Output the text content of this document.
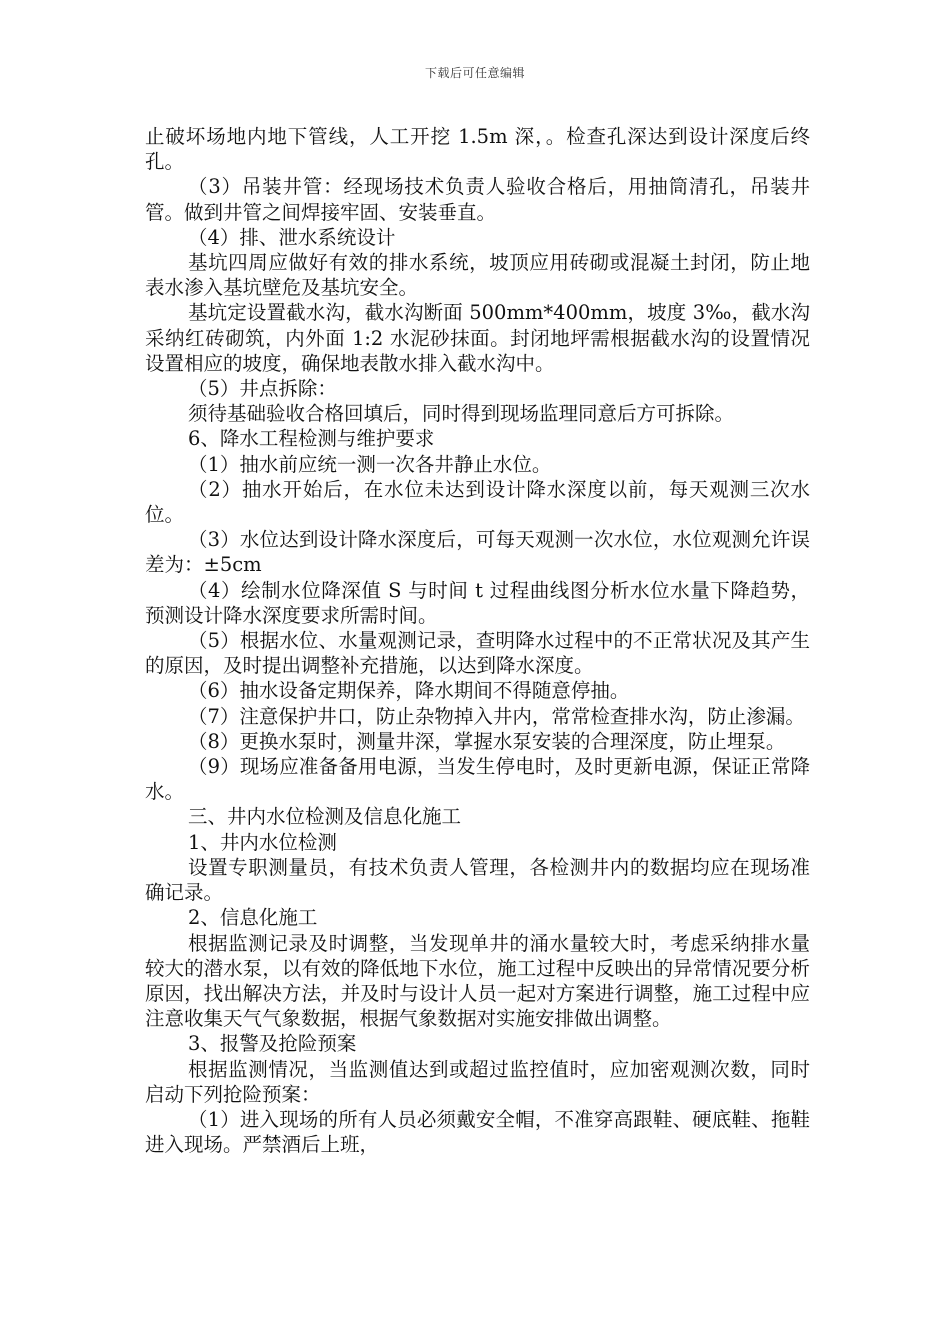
下载后可任意编辑

止破坏场地内地下管线，人工开挖 1.5m 深，。检查孔深达到设计深度后终孔。

（3）吊装井管：经现场技术负责人验收合格后，用抽筒清孔，吊装井管。做到井管之间焊接牢固、安装垂直。

（4）排、泄水系统设计

基坑四周应做好有效的排水系统，坡顶应用砖砌或混凝土封闭，防止地表水渗入基坑壁危及基坑安全。

基坑定设置截水沟，截水沟断面 500mm*400mm，坡度 3‰，截水沟采纳红砖砌筑，内外面 1:2 水泥砂抹面。封闭地坪需根据截水沟的设置情况设置相应的坡度，确保地表散水排入截水沟中。

（5）井点拆除：

须待基础验收合格回填后，同时得到现场监理同意后方可拆除。

6、降水工程检测与维护要求

（1）抽水前应统一测一次各井静止水位。

（2）抽水开始后，在水位未达到设计降水深度以前，每天观测三次水位。

（3）水位达到设计降水深度后，可每天观测一次水位，水位观测允许误差为：±5cm

（4）绘制水位降深值 S 与时间 t 过程曲线图分析水位水量下降趋势，预测设计降水深度要求所需时间。

（5）根据水位、水量观测记录，查明降水过程中的不正常状况及其产生的原因，及时提出调整补充措施，以达到降水深度。

（6）抽水设备定期保养，降水期间不得随意停抽。

（7）注意保护井口，防止杂物掉入井内，常常检查排水沟，防止渗漏。

（8）更换水泵时，测量井深，掌握水泵安装的合理深度，防止埋泵。

（9）现场应准备备用电源，当发生停电时，及时更新电源，保证正常降水。

三、井内水位检测及信息化施工

1、井内水位检测

设置专职测量员，有技术负责人管理，各检测井内的数据均应在现场准确记录。

2、信息化施工

根据监测记录及时调整，当发现单井的涌水量较大时，考虑采纳排水量较大的潜水泵，以有效的降低地下水位，施工过程中反映出的异常情况要分析原因，找出解决方法，并及时与设计人员一起对方案进行调整，施工过程中应注意收集天气气象数据，根据气象数据对实施安排做出调整。

3、报警及抢险预案

根据监测情况，当监测值达到或超过监控值时，应加密观测次数，同时启动下列抢险预案：

（1）进入现场的所有人员必须戴安全帽，不准穿高跟鞋、硬底鞋、拖鞋进入现场。严禁酒后上班，
